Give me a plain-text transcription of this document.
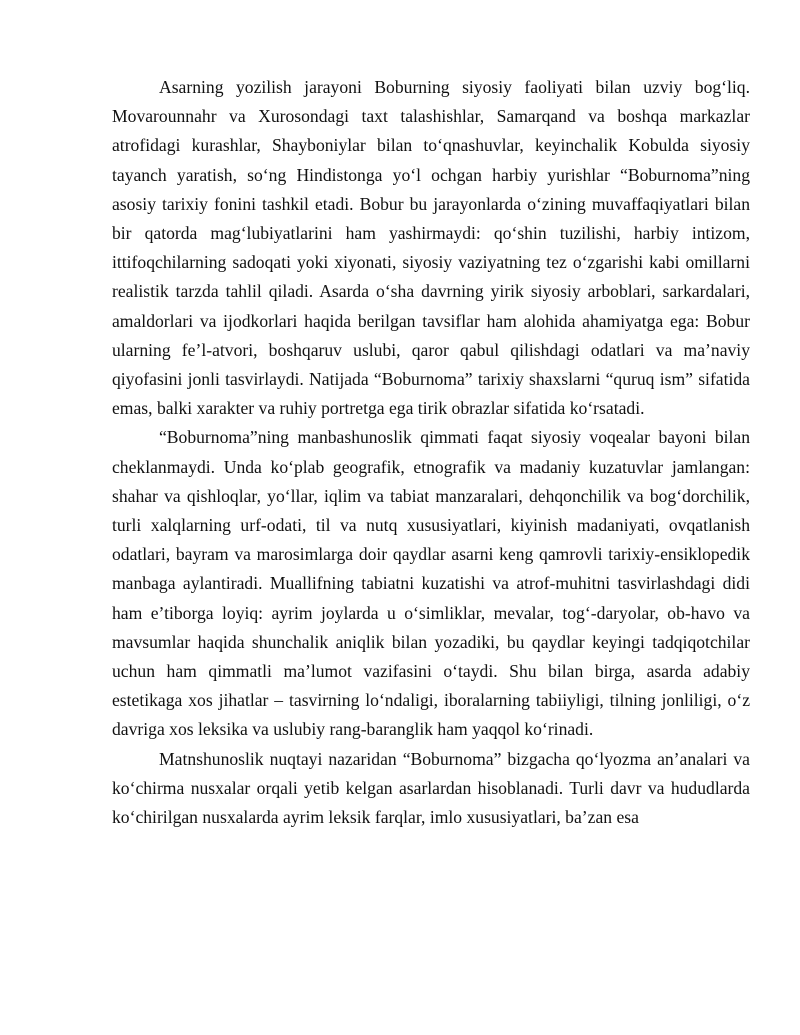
Asarning yozilish jarayoni Boburning siyosiy faoliyati bilan uzviy bog‘liq. Movarounnahr va Xurosondagi taxt talashishlar, Samarqand va boshqa markazlar atrofidagi kurashlar, Shayboniylar bilan to‘qnashuvlar, keyinchalik Kobulda siyosiy tayanch yaratish, so‘ng Hindistonga yo‘l ochgan harbiy yurishlar “Boburnoma”ning asosiy tarixiy fonini tashkil etadi. Bobur bu jarayonlarda o‘zining muvaffaqiyatlari bilan bir qatorda mag‘lubiyatlarini ham yashirmaydi: qo‘shin tuzilishi, harbiy intizom, ittifoqchilarning sadoqati yoki xiyonati, siyosiy vaziyatning tez o‘zgarishi kabi omillarni realistik tarzda tahlil qiladi. Asarda o‘sha davrning yirik siyosiy arboblari, sarkardalari, amaldorlari va ijodkorlari haqida berilgan tavsiflar ham alohida ahamiyatga ega: Bobur ularning fe’l-atvori, boshqaruv uslubi, qaror qabul qilishdagi odatlari va ma’naviy qiyofasini jonli tasvirlaydi. Natijada “Boburnoma” tarixiy shaxslarni “quruq ism” sifatida emas, balki xarakter va ruhiy portretga ega tirik obrazlar sifatida ko‘rsatadi.

“Boburnoma”ning manbashunoslik qimmati faqat siyosiy voqealar bayoni bilan cheklanmaydi. Unda ko‘plab geografik, etnografik va madaniy kuzatuvlar jamlangan: shahar va qishloqlar, yo‘llar, iqlim va tabiat manzaralari, dehqonchilik va bog‘dorchilik, turli xalqlarning urf-odati, til va nutq xususiyatlari, kiyinish madaniyati, ovqatlanish odatlari, bayram va marosimlarga doir qaydlar asarni keng qamrovli tarixiy-ensiklopedik manbaga aylantiradi. Muallifning tabiatni kuzatishi va atrof-muhitni tasvirlashdagi didi ham e’tiborga loyiq: ayrim joylarda u o‘simliklar, mevalar, tog‘-daryolar, ob-havo va mavsumlar haqida shunchalik aniqlik bilan yozadiki, bu qaydlar keyingi tadqiqotchilar uchun ham qimmatli ma’lumot vazifasini o‘taydi. Shu bilan birga, asarda adabiy estetikaga xos jihatlar – tasvirning lo‘ndaligi, iboralarning tabiiyligi, tilning jonliligi, o‘z davriga xos leksika va uslubiy rang-baranglik ham yaqqol ko‘rinadi.

Matnshunoslik nuqtayi nazaridan “Boburnoma” bizgacha qo‘lyozma an’analari va ko‘chirma nusxalar orqali yetib kelgan asarlardan hisoblanadi. Turli davr va hududlarda ko‘chirilgan nusxalarda ayrim leksik farqlar, imlo xususiyatlari, ba’zan esa
